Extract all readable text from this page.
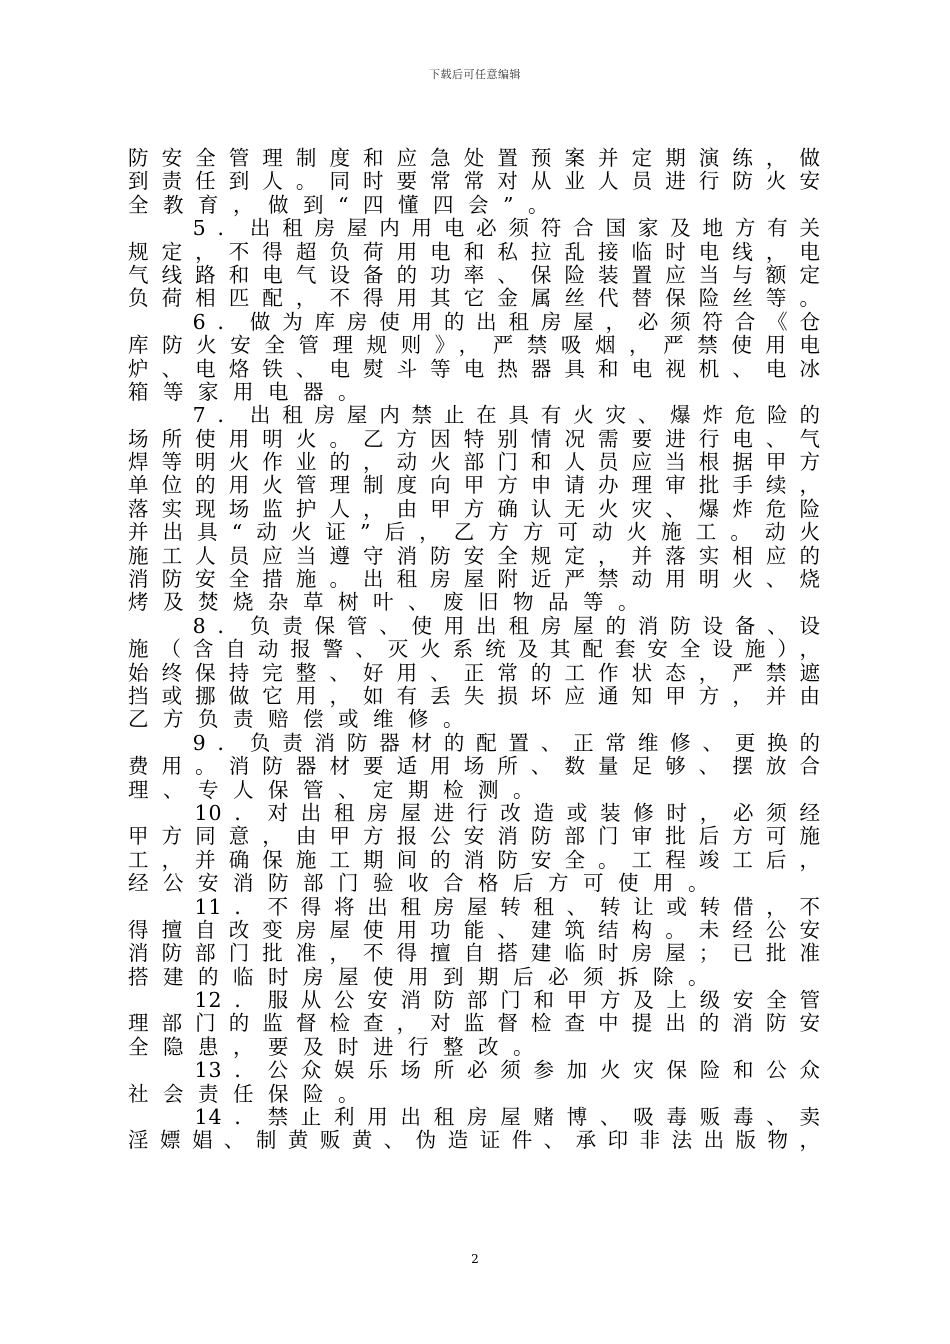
下载后可任意编辑
防安全管理制度和应急处置预案并定期演练，做
到责任到人。同时要常常对从业人员进行防火安
全教育，做到“四懂四会”。
　　5．出租房屋内用电必须符合国家及地方有关
规定，不得超负荷用电和私拉乱接临时电线，电
气线路和电气设备的功率、保险装置应当与额定
负荷相匹配，不得用其它金属丝代替保险丝等。
　　6．做为库房使用的出租房屋，必须符合《仓
库防火安全管理规则》，严禁吸烟，严禁使用电
炉、电烙铁、电熨斗等电热器具和电视机、电冰
箱等家用电器。
　　7．出租房屋内禁止在具有火灾、爆炸危险的
场所使用明火。乙方因特别情况需要进行电、气
焊等明火作业的，动火部门和人员应当根据甲方
单位的用火管理制度向甲方申请办理审批手续，
落实现场监护人，由甲方确认无火灾、爆炸危险
并出具“动火证”后，乙方方可动火施工。动火
施工人员应当遵守消防安全规定，并落实相应的
消防安全措施。出租房屋附近严禁动用明火、烧
烤及焚烧杂草树叶、废旧物品等。
　　8．负责保管、使用出租房屋的消防设备、设
施（含自动报警、灭火系统及其配套安全设施），
始终保持完整、好用、正常的工作状态，严禁遮
挡或挪做它用，如有丢失损坏应通知甲方，并由
乙方负责赔偿或维修。
　　9．负责消防器材的配置、正常维修、更换的
费用。消防器材要适用场所、数量足够、摆放合
理、专人保管、定期检测。
　　10．对出租房屋进行改造或装修时，必须经
甲方同意，由甲方报公安消防部门审批后方可施
工，并确保施工期间的消防安全。工程竣工后，
经公安消防部门验收合格后方可使用。
　　11．不得将出租房屋转租、转让或转借，不
得擅自改变房屋使用功能、建筑结构。未经公安
消防部门批准，不得擅自搭建临时房屋；已批准
搭建的临时房屋使用到期后必须拆除。
　　12．服从公安消防部门和甲方及上级安全管
理部门的监督检查，对监督检查中提出的消防安
全隐患，要及时进行整改。
　　13．公众娱乐场所必须参加火灾保险和公众
社会责任保险。
　　14．禁止利用出租房屋赌博、吸毒贩毒、卖
淫嫖娼、制黄贩黄、伪造证件、承印非法出版物，
2
